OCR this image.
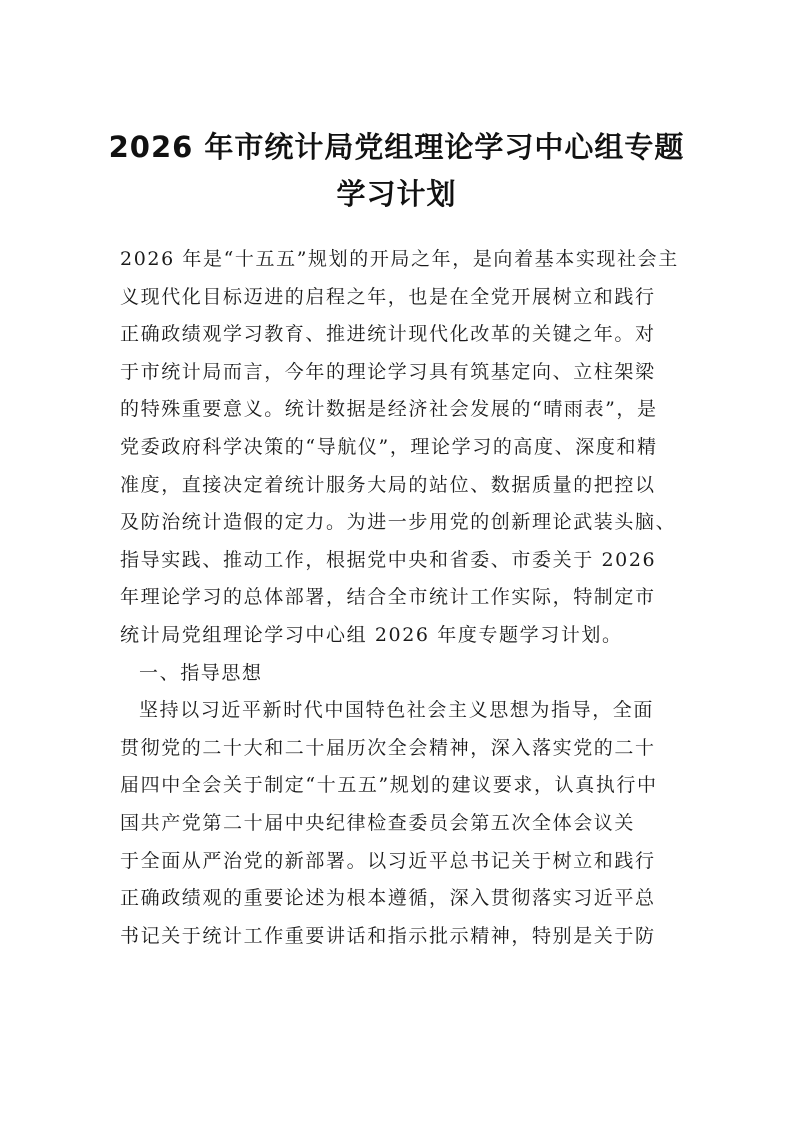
2026 年市统计局党组理论学习中心组专题
学习计划
2026 年是“十五五”规划的开局之年，是向着基本实现社会主
义现代化目标迈进的启程之年，也是在全党开展树立和践行
正确政绩观学习教育、推进统计现代化改革的关键之年。对
于市统计局而言，今年的理论学习具有筑基定向、立柱架梁
的特殊重要意义。统计数据是经济社会发展的“晴雨表”，是
党委政府科学决策的“导航仪”，理论学习的高度、深度和精
准度，直接决定着统计服务大局的站位、数据质量的把控以
及防治统计造假的定力。为进一步用党的创新理论武装头脑、
指导实践、推动工作，根据党中央和省委、市委关于 2026
年理论学习的总体部署，结合全市统计工作实际，特制定市
统计局党组理论学习中心组 2026 年度专题学习计划。
一、指导思想
坚持以习近平新时代中国特色社会主义思想为指导，全面
贯彻党的二十大和二十届历次全会精神，深入落实党的二十
届四中全会关于制定“十五五”规划的建议要求，认真执行中
国共产党第二十届中央纪律检查委员会第五次全体会议关
于全面从严治党的新部署。以习近平总书记关于树立和践行
正确政绩观的重要论述为根本遵循，深入贯彻落实习近平总
书记关于统计工作重要讲话和指示批示精神，特别是关于防
